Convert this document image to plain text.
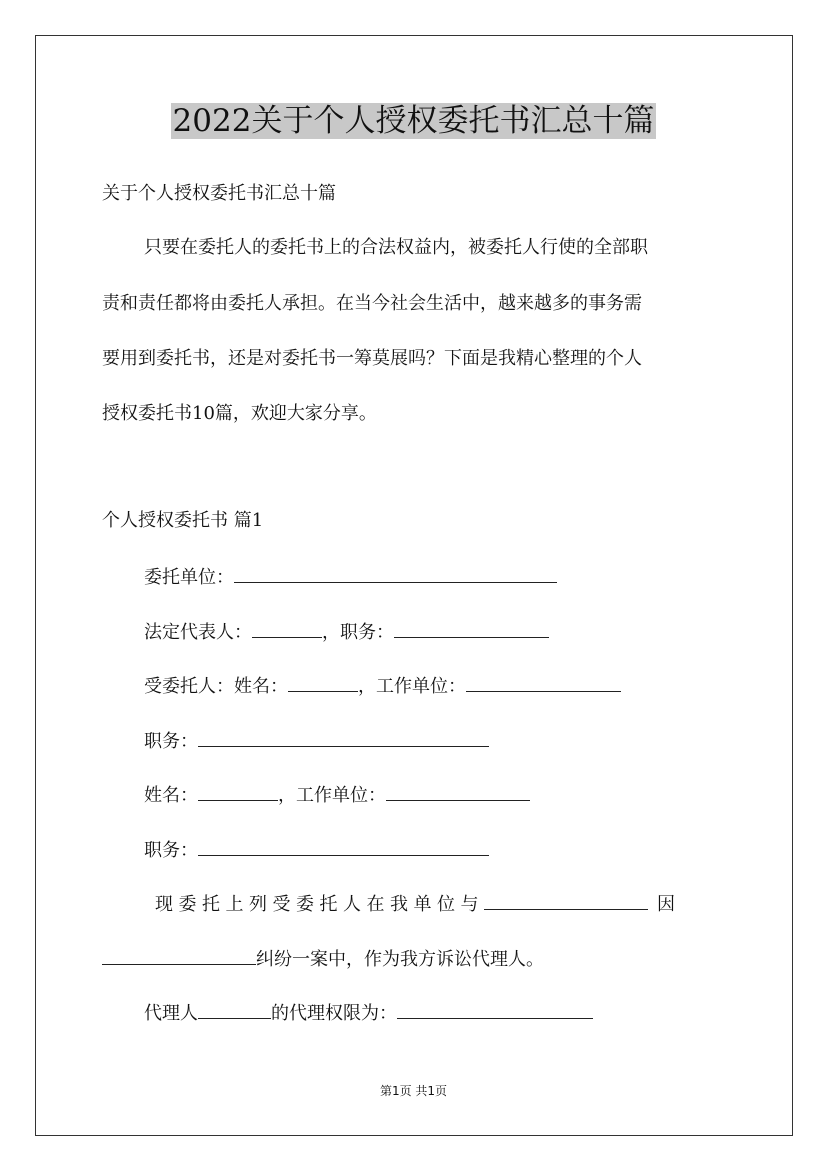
2022关于个人授权委托书汇总十篇
关于个人授权委托书汇总十篇
只要在委托人的委托书上的合法权益内，被委托人行使的全部职
责和责任都将由委托人承担。在当今社会生活中，越来越多的事务需
要用到委托书，还是对委托书一筹莫展吗？下面是我精心整理的个人
授权委托书10篇，欢迎大家分享。
个人授权委托书 篇1
委托单位：
法定代表人：	，职务：
受委托人：姓名：	，工作单位：
职务：
姓名：	，工作单位：
职务：
现委托上列受委托人在我单位与	因
纠纷一案中，作为我方诉讼代理人。
代理人	的代理权限为：
第1页 共1页
